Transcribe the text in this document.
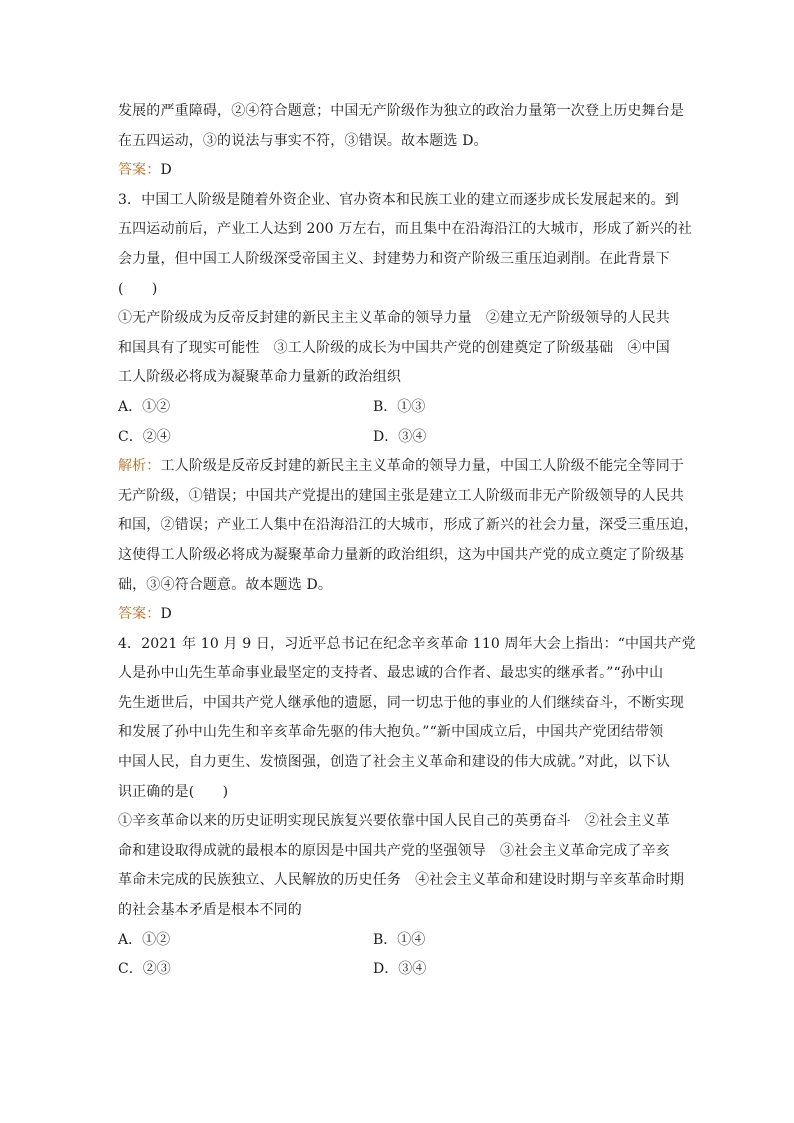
发展的严重障碍，②④符合题意；中国无产阶级作为独立的政治力量第一次登上历史舞台是
在五四运动，③的说法与事实不符，③错误。故本题选 D。
答案：D
3．中国工人阶级是随着外资企业、官办资本和民族工业的建立而逐步成长发展起来的。到
五四运动前后，产业工人达到 200 万左右，而且集中在沿海沿江的大城市，形成了新兴的社
会力量，但中国工人阶级深受帝国主义、封建势力和资产阶级三重压迫剥削。在此背景下
(　　)
①无产阶级成为反帝反封建的新民主主义革命的领导力量　②建立无产阶级领导的人民共
和国具有了现实可能性　③工人阶级的成长为中国共产党的创建奠定了阶级基础　④中国
工人阶级必将成为凝聚革命力量新的政治组织
A．①②	B．①③
C．②④	D．③④
解析：工人阶级是反帝反封建的新民主主义革命的领导力量，中国工人阶级不能完全等同于
无产阶级，①错误；中国共产党提出的建国主张是建立工人阶级而非无产阶级领导的人民共
和国，②错误；产业工人集中在沿海沿江的大城市，形成了新兴的社会力量，深受三重压迫，
这使得工人阶级必将成为凝聚革命力量新的政治组织，这为中国共产党的成立奠定了阶级基
础，③④符合题意。故本题选 D。
答案：D
4．2021 年 10 月 9 日，习近平总书记在纪念辛亥革命 110 周年大会上指出：“中国共产党
人是孙中山先生革命事业最坚定的支持者、最忠诚的合作者、最忠实的继承者。”“孙中山
先生逝世后，中国共产党人继承他的遗愿，同一切忠于他的事业的人们继续奋斗，不断实现
和发展了孙中山先生和辛亥革命先驱的伟大抱负。”“新中国成立后，中国共产党团结带领
中国人民，自力更生、发愤图强，创造了社会主义革命和建设的伟大成就。”对此，以下认
识正确的是(　　)
①辛亥革命以来的历史证明实现民族复兴要依靠中国人民自己的英勇奋斗　②社会主义革
命和建设取得成就的最根本的原因是中国共产党的坚强领导　③社会主义革命完成了辛亥
革命未完成的民族独立、人民解放的历史任务　④社会主义革命和建设时期与辛亥革命时期
的社会基本矛盾是根本不同的
A．①②	B．①④
C．②③	D．③④
